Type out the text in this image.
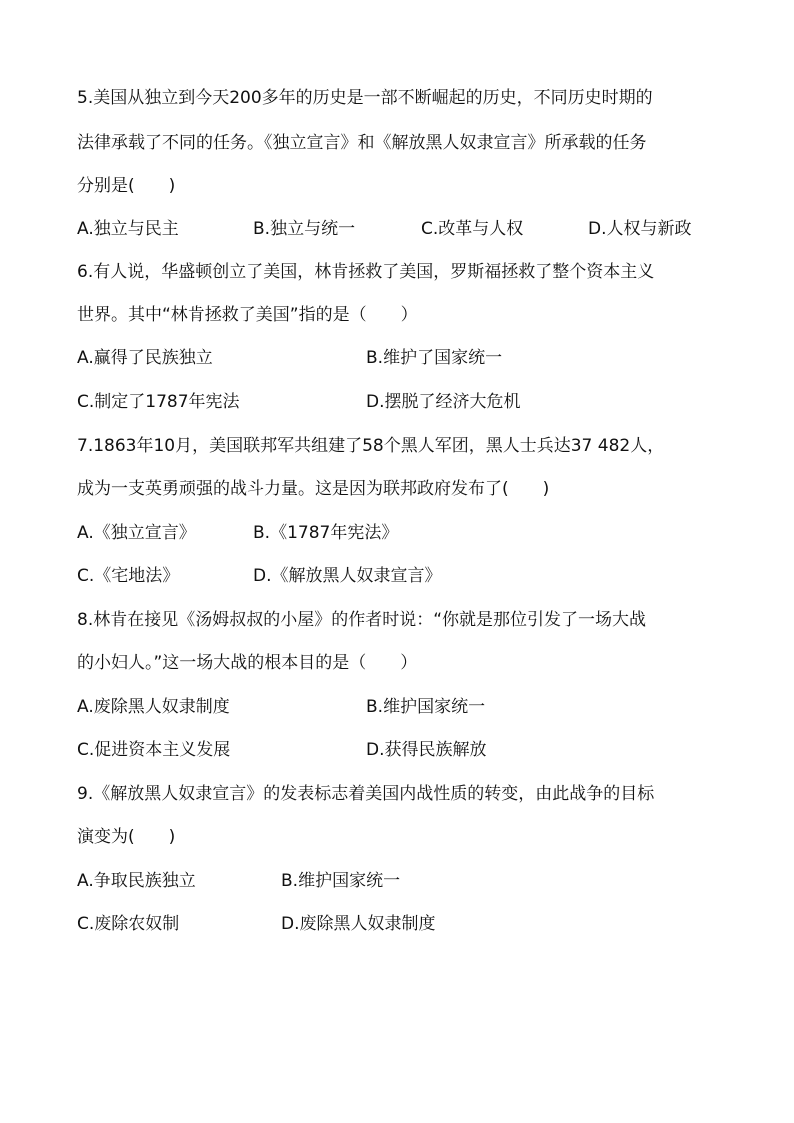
5.美国从独立到今天200多年的历史是一部不断崛起的历史，不同历史时期的
法律承载了不同的任务。《独立宣言》和《解放黑人奴隶宣言》所承载的任务
分别是(　　)
A.独立与民主	B.独立与统一	C.改革与人权	D.人权与新政
6.有人说，华盛顿创立了美国，林肯拯救了美国，罗斯福拯救了整个资本主义
世界。其中“林肯拯救了美国”指的是（　　）
A.赢得了民族独立	B.维护了国家统一
C.制定了1787年宪法	D.摆脱了经济大危机
7.1863年10月，美国联邦军共组建了58个黑人军团，黑人士兵达37 482人，
成为一支英勇顽强的战斗力量。这是因为联邦政府发布了(　　)
A.《独立宣言》	B.《1787年宪法》
C.《宅地法》	D.《解放黑人奴隶宣言》
8.林肯在接见《汤姆叔叔的小屋》的作者时说：“你就是那位引发了一场大战
的小妇人。”这一场大战的根本目的是（　　）
A.废除黑人奴隶制度	B.维护国家统一
C.促进资本主义发展	D.获得民族解放
9.《解放黑人奴隶宣言》的发表标志着美国内战性质的转变，由此战争的目标
演变为(　　)
A.争取民族独立	B.维护国家统一
C.废除农奴制	D.废除黑人奴隶制度
